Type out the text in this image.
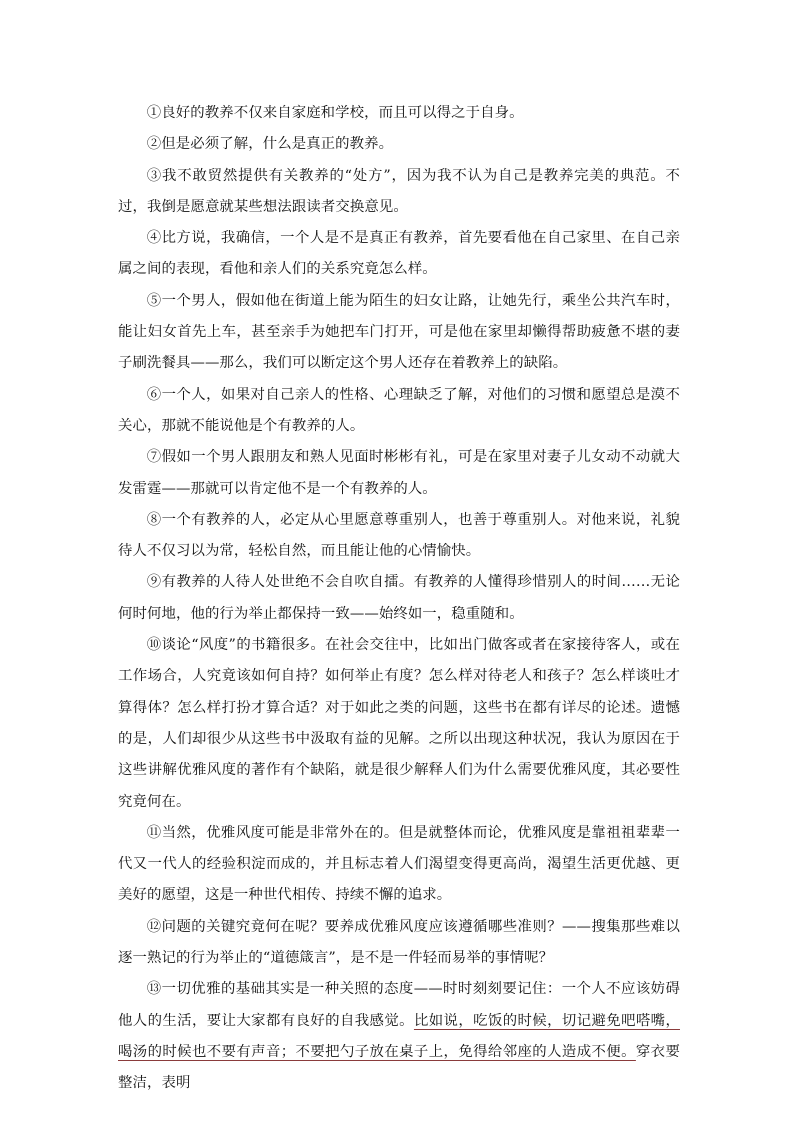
①良好的教养不仅来自家庭和学校，而且可以得之于自身。

②但是必须了解，什么是真正的教养。

③我不敢贸然提供有关教养的“处方”，因为我不认为自己是教养完美的典范。不过，我倒是愿意就某些想法跟读者交换意见。

④比方说，我确信，一个人是不是真正有教养，首先要看他在自己家里、在自己亲属之间的表现，看他和亲人们的关系究竟怎么样。

⑤一个男人，假如他在街道上能为陌生的妇女让路，让她先行，乘坐公共汽车时，能让妇女首先上车，甚至亲手为她把车门打开，可是他在家里却懒得帮助疲惫不堪的妻子刷洗餐具——那么，我们可以断定这个男人还存在着教养上的缺陷。

⑥一个人，如果对自己亲人的性格、心理缺乏了解，对他们的习惯和愿望总是漠不关心，那就不能说他是个有教养的人。

⑦假如一个男人跟朋友和熟人见面时彬彬有礼，可是在家里对妻子儿女动不动就大发雷霆——那就可以肯定他不是一个有教养的人。

⑧一个有教养的人，必定从心里愿意尊重别人，也善于尊重别人。对他来说，礼貌待人不仅习以为常，轻松自然，而且能让他的心情愉快。

⑨有教养的人待人处世绝不会自吹自擂。有教养的人懂得珍惜别人的时间……无论何时何地，他的行为举止都保持一致——始终如一，稳重随和。

⑩谈论“风度”的书籍很多。在社会交往中，比如出门做客或者在家接待客人，或在工作场合，人究竟该如何自持？如何举止有度？怎么样对待老人和孩子？怎么样谈吐才算得体？怎么样打扮才算合适？对于如此之类的问题，这些书在都有详尽的论述。遗憾的是，人们却很少从这些书中汲取有益的见解。之所以出现这种状况，我认为原因在于这些讲解优雅风度的著作有个缺陷，就是很少解释人们为什么需要优雅风度，其必要性究竟何在。

⑪当然，优雅风度可能是非常外在的。但是就整体而论，优雅风度是靠祖祖辈辈一代又一代人的经验积淀而成的，并且标志着人们渴望变得更高尚，渴望生活更优越、更美好的愿望，这是一种世代相传、持续不懈的追求。

⑫问题的关键究竟何在呢？要养成优雅风度应该遵循哪些准则？——搜集那些难以逐一熟记的行为举止的“道德箴言”，是不是一件轻而易举的事情呢？

⑬一切优雅的基础其实是一种关照的态度——时时刻刻要记住：一个人不应该妨碍他人的生活，要让大家都有良好的自我感觉。比如说，吃饭的时候，切记避免吧嗒嘴，喝汤的时候也不要有声音；不要把勺子放在桌子上，免得给邻座的人造成不便。穿衣要整洁，表明
